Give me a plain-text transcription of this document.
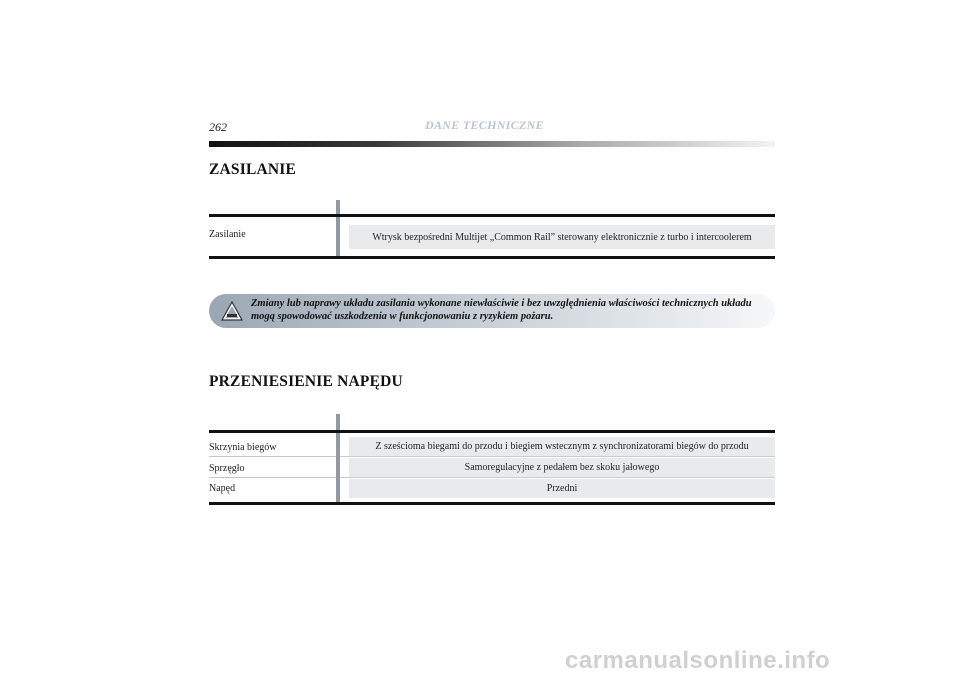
262	DANE TECHNICZNE
ZASILANIE
Zasilanie	Wtrysk bezpośredni Multijet „Common Rail” sterowany elektronicznie z turbo i intercoolerem
Zmiany lub naprawy układu zasilania wykonane niewłaściwie i bez uwzględnienia właściwości technicznych układu mogą spowodować uszkodzenia w funkcjonowaniu z ryzykiem pożaru.
PRZENIESIENIE NAPĘDU
Skrzynia biegów	Z sześcioma biegami do przodu i biegiem wstecznym z synchronizatorami biegów do przodu
Sprzęgło	Samoregulacyjne z pedałem bez skoku jałowego
Napęd	Przedni
carmanualsonline.info
